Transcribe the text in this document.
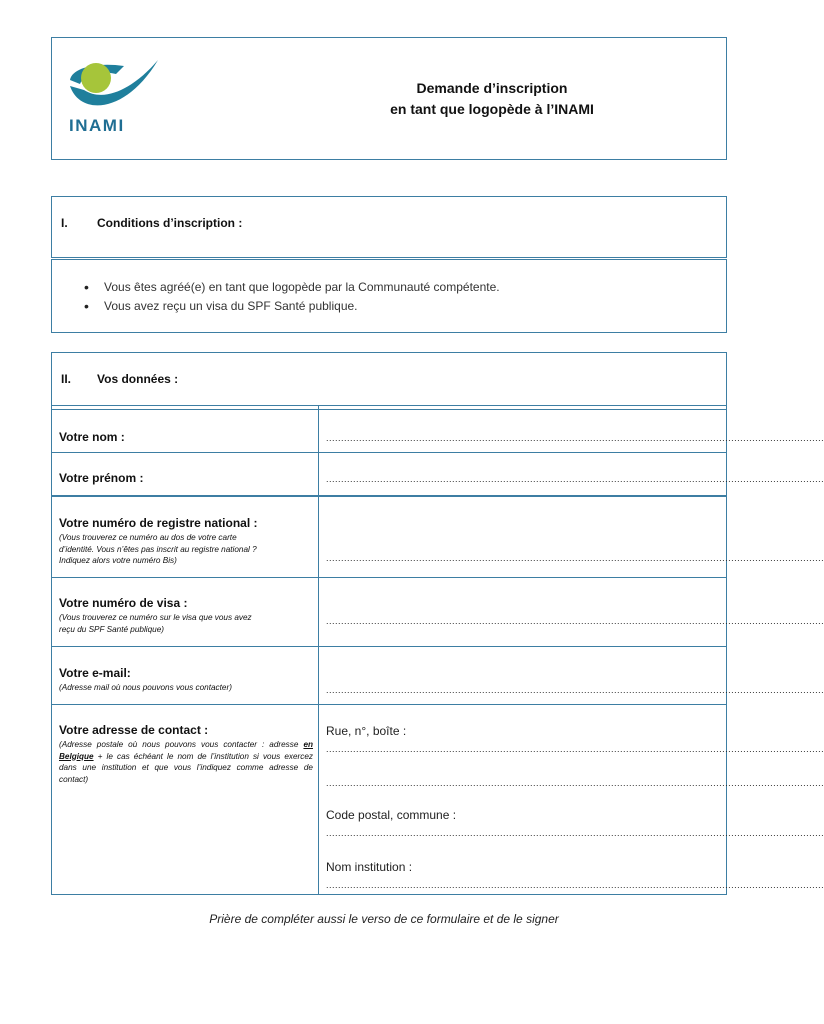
INAMI
Demande d’inscription
en tant que logopède à l’INAMI
I. Conditions d’inscription :
• Vous êtes agréé(e) en tant que logopède par la Communauté compétente.
• Vous avez reçu un visa du SPF Santé publique.
II. Vos données :
Votre nom :	......................................................................................................................................................................
Votre prénom :	......................................................................................................................................................................
Votre numéro de registre national :
(Vous trouverez ce numéro au dos de votre carte
d’identité. Vous n’êtes pas inscrit au registre national ?
Indiquez alors votre numéro Bis)	......................................................................................................................................................................
Votre numéro de visa :
(Vous trouverez ce numéro sur le visa que vous avez
reçu du SPF Santé publique)
......................................................................................................................................................................
Votre e-mail:
(Adresse mail où nous pouvons vous contacter)	......................................................................................................................................................................
Votre adresse de contact :
(Adresse postale où nous pouvons vous contacter : adresse en Belgique + le cas échéant le nom de l’institution si vous exercez dans une institution et que vous l’indiquez comme adresse de contact)
Rue, n°, boîte :
......................................................................................................................................................................
......................................................................................................................................................................
Code postal, commune :
......................................................................................................................................................................
Nom institution :
......................................................................................................................................................................
Prière de compléter aussi le verso de ce formulaire et de le signer
